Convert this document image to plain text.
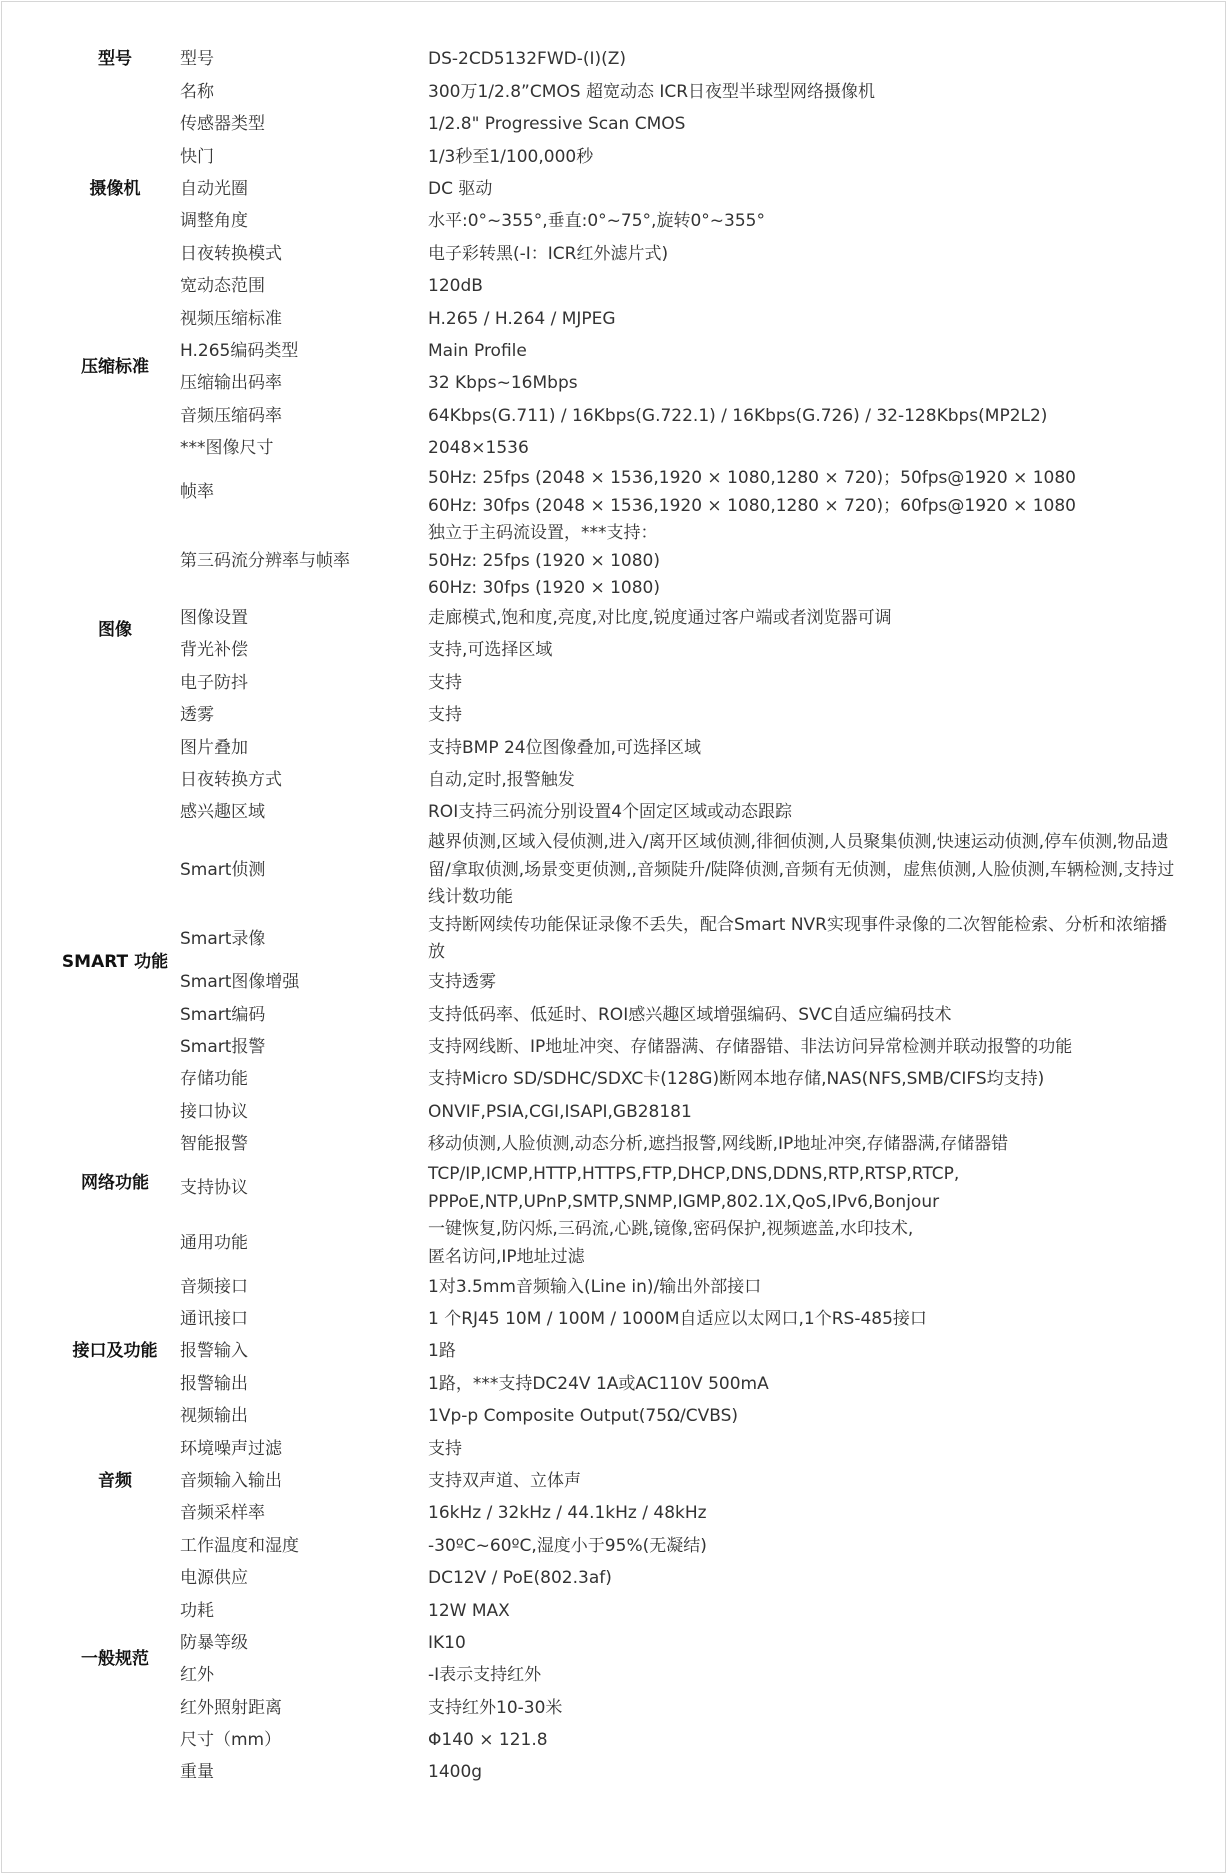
型号	型号	DS-2CD5132FWD-(I)(Z)

摄像机	名称	300万1/2.8”CMOS 超宽动态 ICR日夜型半球型网络摄像机

	传感器类型	1/2.8" Progressive Scan CMOS

	快门	1/3秒至1/100,000秒

	自动光圈	DC 驱动

	调整角度	水平:0°~355°,垂直:0°~75°,旋转0°~355°

	日夜转换模式	电子彩转黑(-I：ICR红外滤片式)

	宽动态范围	120dB

压缩标准	视频压缩标准	H.265 / H.264 / MJPEG

	H.265编码类型	Main Profile

	压缩输出码率	32 Kbps~16Mbps

	音频压缩码率	64Kbps(G.711) / 16Kbps(G.722.1) / 16Kbps(G.726) / 32-128Kbps(MP2L2)

图像	***图像尺寸	2048×1536

	帧率	50Hz: 25fps (2048 × 1536,1920 × 1080,1280 × 720)；50fps@1920 × 1080
60Hz: 30fps (2048 × 1536,1920 × 1080,1280 × 720)；60fps@1920 × 1080

	第三码流分辨率与帧率	独立于主码流设置，***支持：
50Hz: 25fps (1920 × 1080)
60Hz: 30fps (1920 × 1080)

	图像设置	走廊模式,饱和度,亮度,对比度,锐度通过客户端或者浏览器可调

	背光补偿	支持,可选择区域

	电子防抖	支持

	透雾	支持

	图片叠加	支持BMP 24位图像叠加,可选择区域

	日夜转换方式	自动,定时,报警触发

	感兴趣区域	ROI支持三码流分别设置4个固定区域或动态跟踪

SMART 功能	Smart侦测	越界侦测,区域入侵侦测,进入/离开区域侦测,徘徊侦测,人员聚集侦测,快速运动侦测,停车侦测,物品遗留/拿取侦测,场景变更侦测,,音频陡升/陡降侦测,音频有无侦测，虚焦侦测,人脸侦测,车辆检测,支持过线计数功能

	Smart录像	支持断网续传功能保证录像不丢失，配合Smart NVR实现事件录像的二次智能检索、分析和浓缩播放

	Smart图像增强	支持透雾

	Smart编码	支持低码率、低延时、ROI感兴趣区域增强编码、SVC自适应编码技术

	Smart报警	支持网线断、IP地址冲突、存储器满、存储器错、非法访问异常检测并联动报警的功能

	存储功能	支持Micro SD/SDHC/SDXC卡(128G)断网本地存储,NAS(NFS,SMB/CIFS均支持)

网络功能	接口协议	ONVIF,PSIA,CGI,ISAPI,GB28181

	智能报警	移动侦测,人脸侦测,动态分析,遮挡报警,网线断,IP地址冲突,存储器满,存储器错

	支持协议	TCP/IP,ICMP,HTTP,HTTPS,FTP,DHCP,DNS,DDNS,RTP,RTSP,RTCP,
PPPoE,NTP,UPnP,SMTP,SNMP,IGMP,802.1X,QoS,IPv6,Bonjour

	通用功能	一键恢复,防闪烁,三码流,心跳,镜像,密码保护,视频遮盖,水印技术,
匿名访问,IP地址过滤

接口及功能	音频接口	1对3.5mm音频输入(Line in)/输出外部接口

	通讯接口	1 个RJ45 10M / 100M / 1000M自适应以太网口,1个RS-485接口

	报警输入	1路

	报警输出	1路，***支持DC24V 1A或AC110V 500mA

	视频输出	1Vp-p Composite Output(75Ω/CVBS)

音频	环境噪声过滤	支持

	音频输入输出	支持双声道、立体声

	音频采样率	16kHz / 32kHz / 44.1kHz / 48kHz

一般规范	工作温度和湿度	-30ºC~60ºC,湿度小于95%(无凝结)

	电源供应	DC12V / PoE(802.3af)

	功耗	12W MAX

	防暴等级	IK10

	红外	-I表示支持红外

	红外照射距离	支持红外10-30米

	尺寸（mm）	Φ140 × 121.8

	重量	1400g
